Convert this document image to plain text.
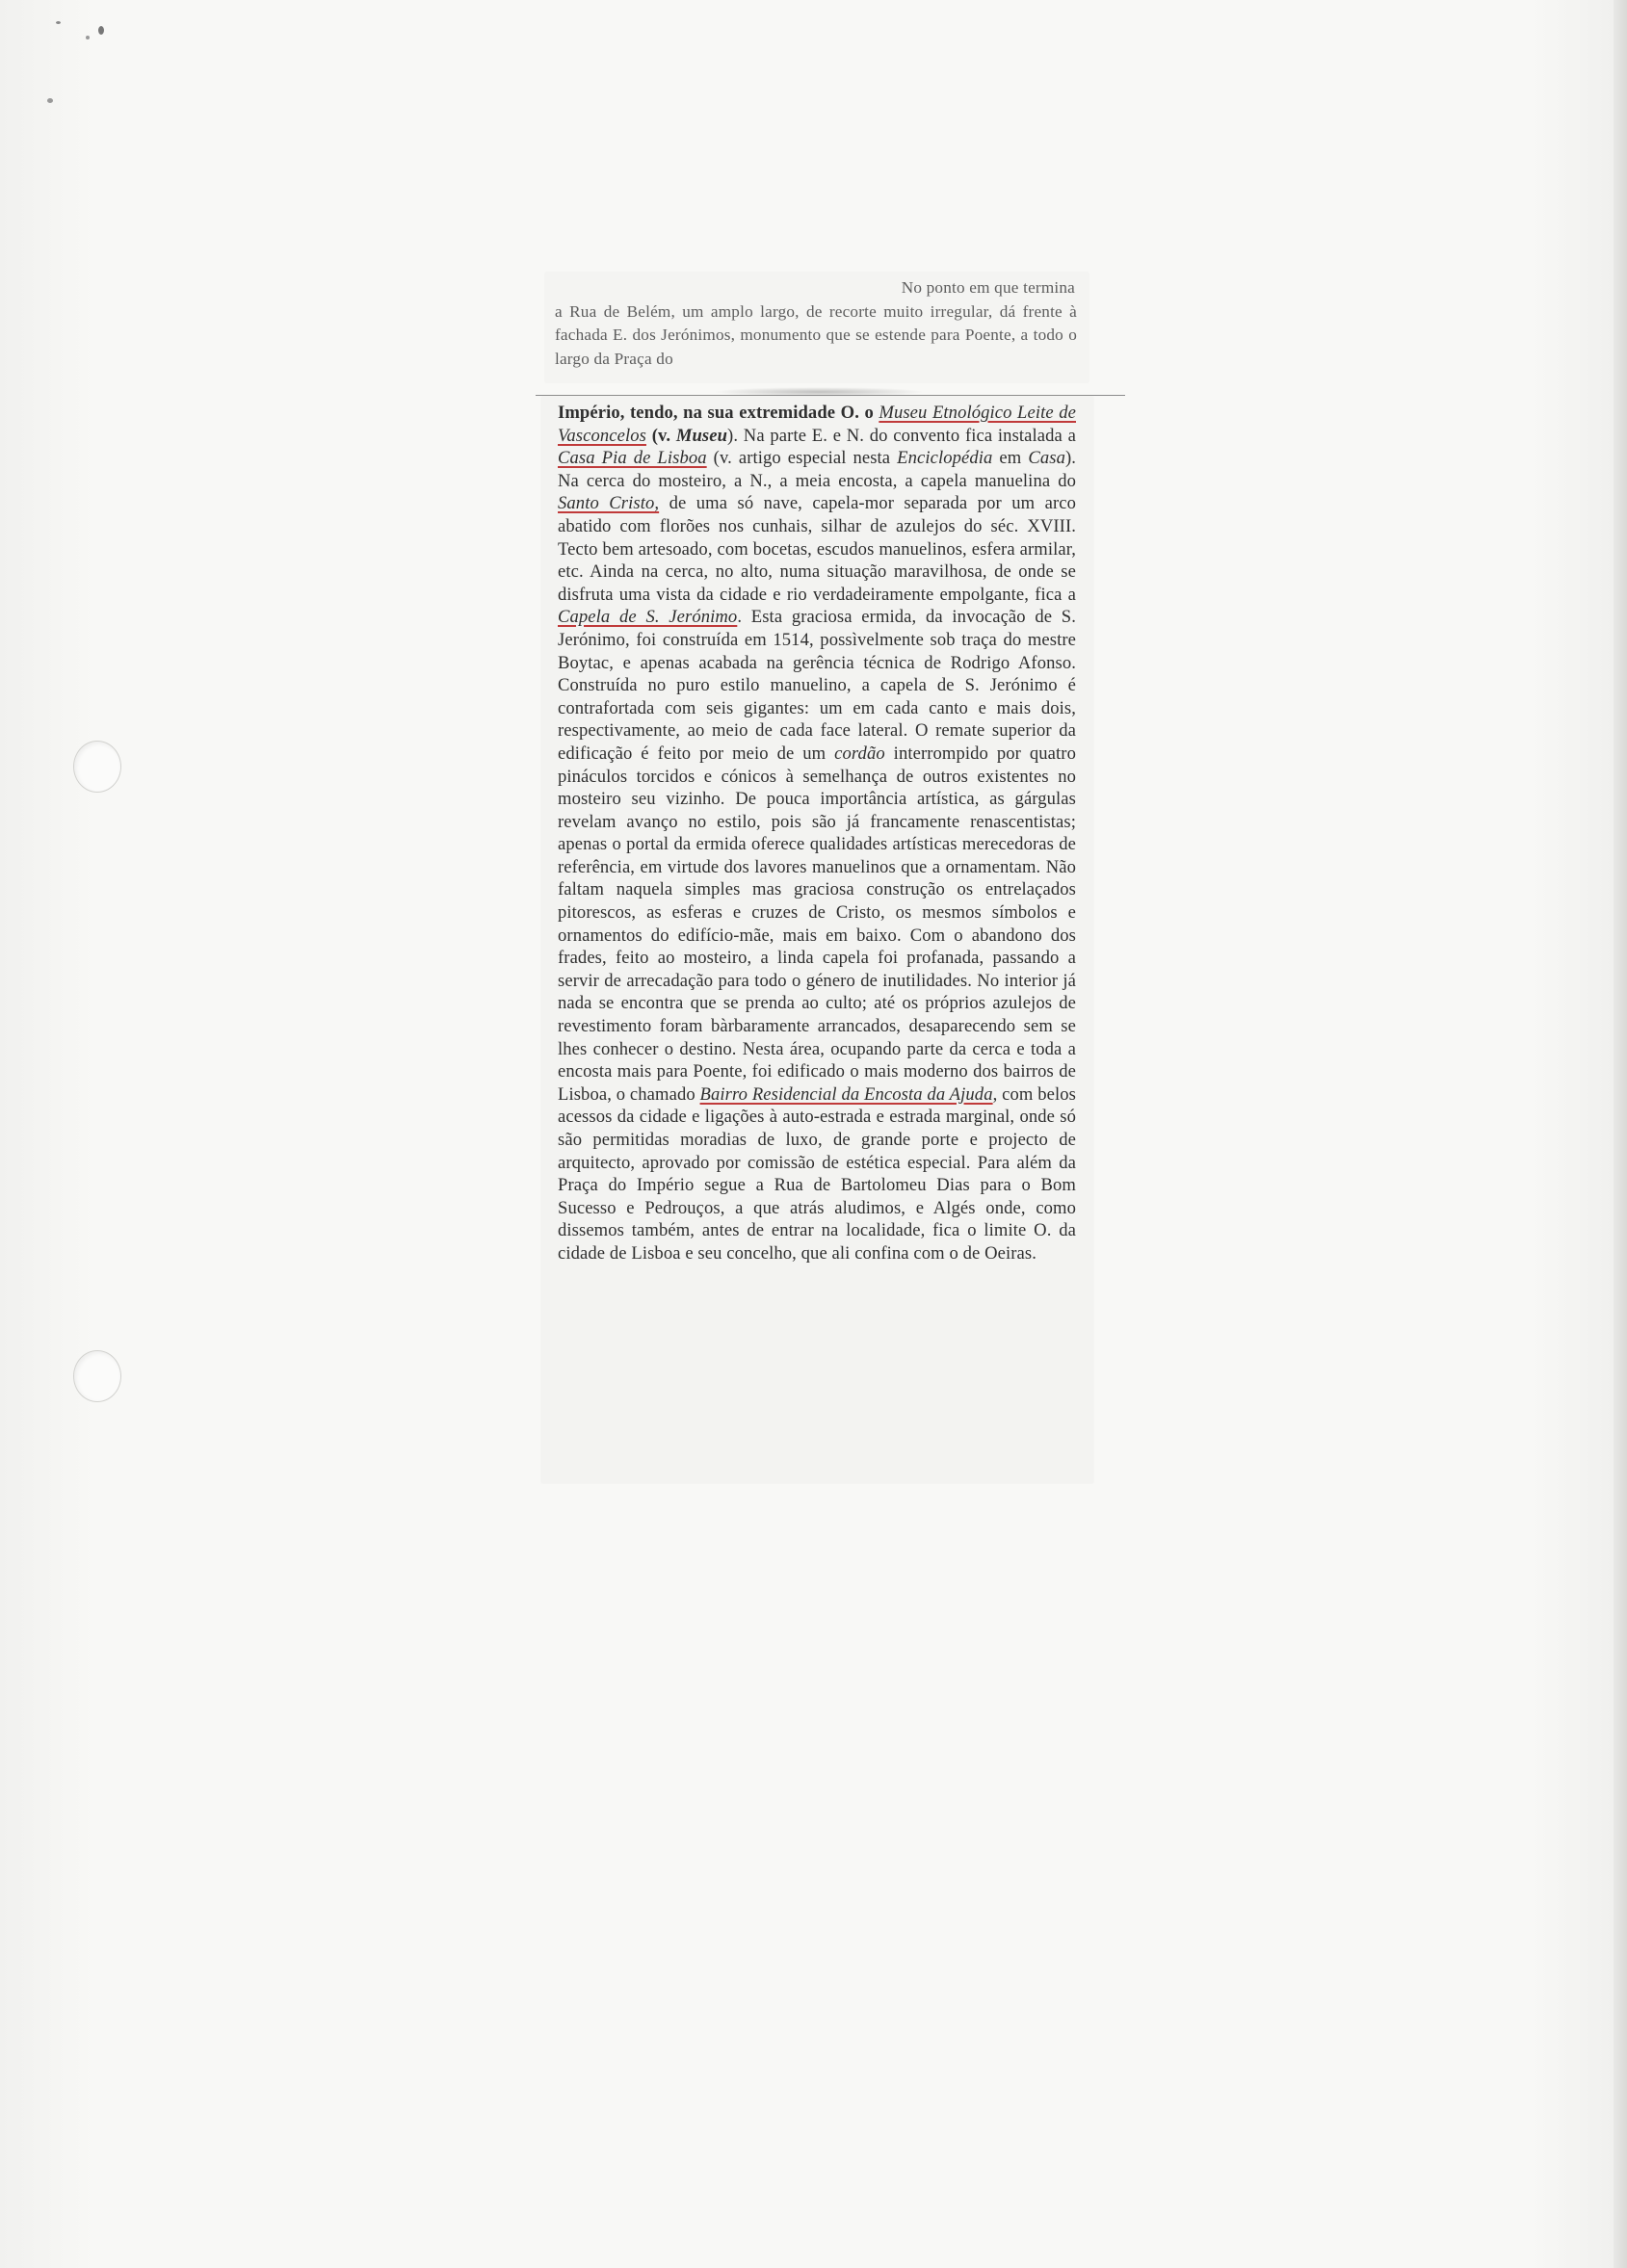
No ponto em que termina
a Rua de Belém, um amplo largo, de recorte muito irregular, dá frente à fachada E. dos Jerónimos, monumento que se estende para Poente, a todo o largo da Praça do

Império, tendo, na sua extremidade O. o Museu Etnológico Leite de Vasconcelos (v. Museu). Na parte E. e N. do convento fica instalada a Casa Pia de Lisboa (v. artigo especial nesta Enciclopédia em Casa). Na cerca do mosteiro, a N., a meia encosta, a capela manuelina do Santo Cristo, de uma só nave, capela-mor separada por um arco abatido com florões nos cunhais, silhar de azulejos do séc. XVIII. Tecto bem artesoado, com bocetas, escudos manuelinos, esfera armilar, etc. Ainda na cerca, no alto, numa situação maravilhosa, de onde se disfruta uma vista da cidade e rio verdadeiramente empolgante, fica a Capela de S. Jerónimo. Esta graciosa ermida, da invocação de S. Jerónimo, foi construída em 1514, possìvelmente sob traça do mestre Boytac, e apenas acabada na gerência técnica de Rodrigo Afonso. Construída no puro estilo manuelino, a capela de S. Jerónimo é contrafortada com seis gigantes: um em cada canto e mais dois, respectivamente, ao meio de cada face lateral. O remate superior da edificação é feito por meio de um cordão interrompido por quatro pináculos torcidos e cónicos à semelhança de outros existentes no mosteiro seu vizinho. De pouca importância artística, as gárgulas revelam avanço no estilo, pois são já francamente renascentistas; apenas o portal da ermida oferece qualidades artísticas merecedoras de referência, em virtude dos lavores manuelinos que a ornamentam. Não faltam naquela simples mas graciosa construção os entrelaçados pitorescos, as esferas e cruzes de Cristo, os mesmos símbolos e ornamentos do edifício-mãe, mais em baixo. Com o abandono dos frades, feito ao mosteiro, a linda capela foi profanada, passando a servir de arrecadação para todo o género de inutilidades. No interior já nada se encontra que se prenda ao culto; até os próprios azulejos de revestimento foram bàrbaramente arrancados, desaparecendo sem se lhes conhecer o destino. Nesta área, ocupando parte da cerca e toda a encosta mais para Poente, foi edificado o mais moderno dos bairros de Lisboa, o chamado Bairro Residencial da Encosta da Ajuda, com belos acessos da cidade e ligações à auto-estrada e estrada marginal, onde só são permitidas moradias de luxo, de grande porte e projecto de arquitecto, aprovado por comissão de estética especial. Para além da Praça do Império segue a Rua de Bartolomeu Dias para o Bom Sucesso e Pedrouços, a que atrás aludimos, e Algés onde, como dissemos também, antes de entrar na localidade, fica o limite O. da cidade de Lisboa e seu concelho, que ali confina com o de Oeiras.
